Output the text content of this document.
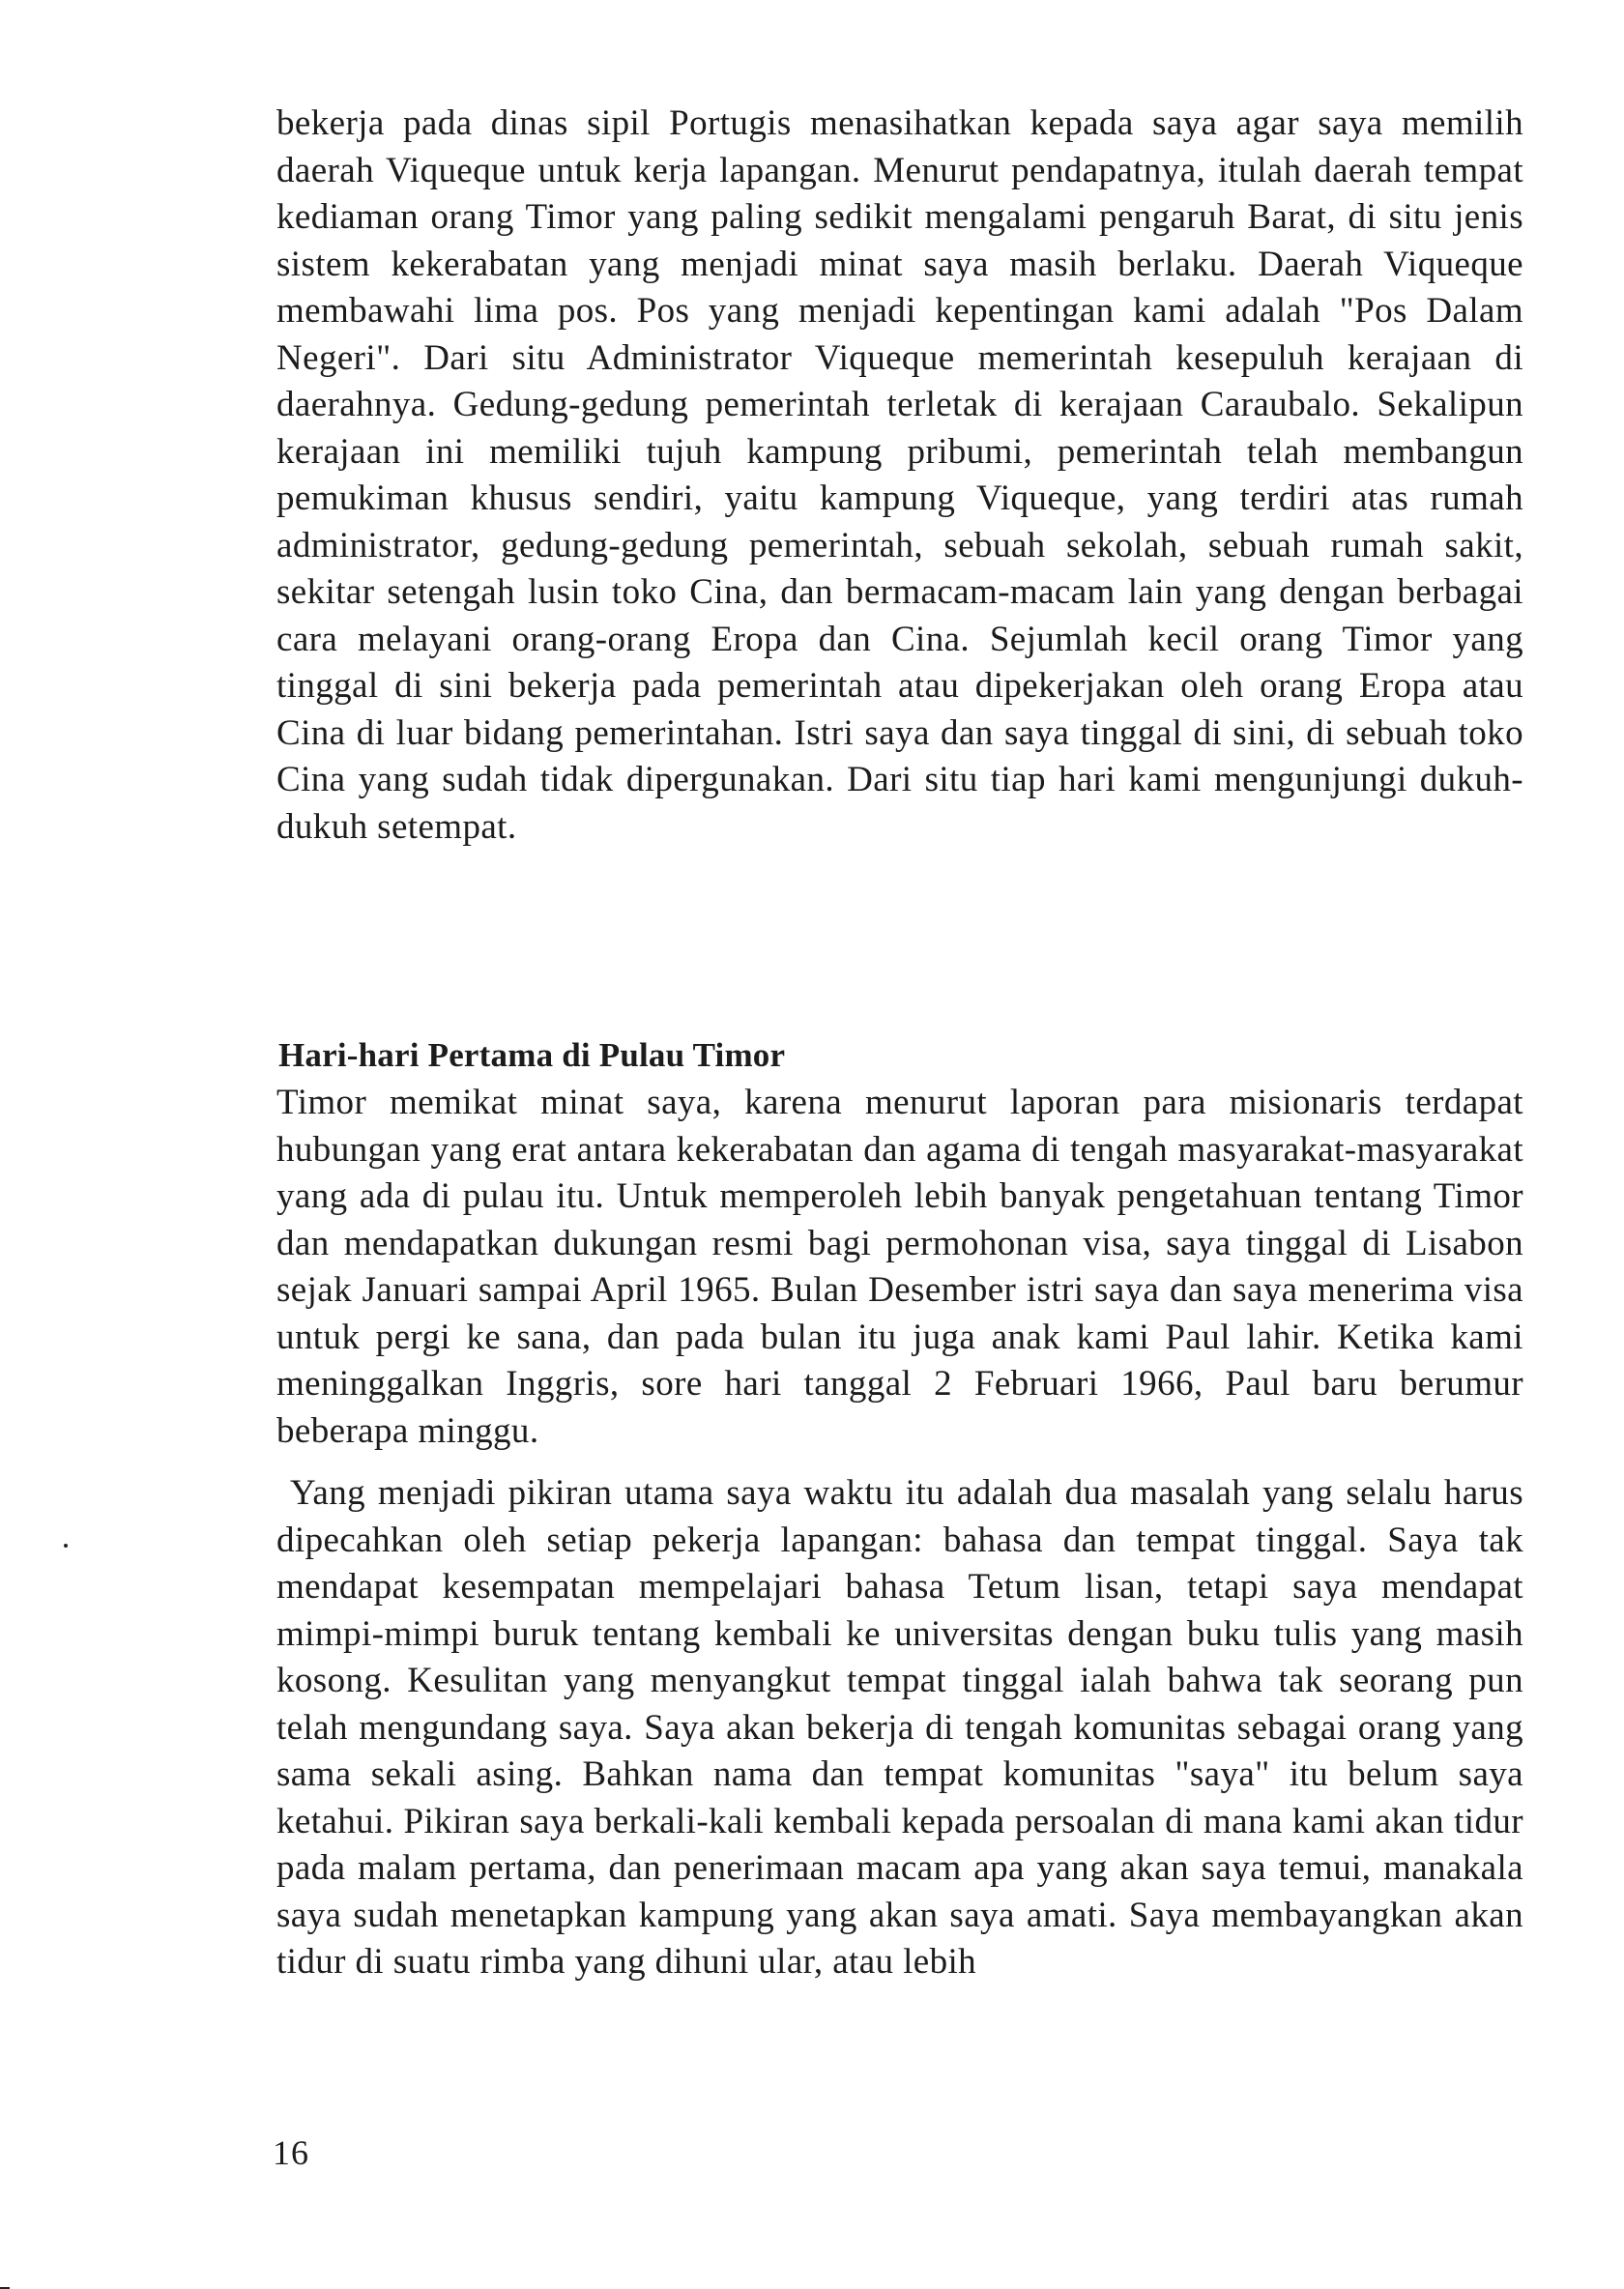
bekerja pada dinas sipil Portugis menasihatkan kepada saya agar saya memilih daerah Viqueque untuk kerja lapangan. Menurut pendapatnya, itulah daerah tempat kediaman orang Timor yang paling sedikit mengalami pengaruh Barat, di situ jenis sistem kekerabatan yang menjadi minat saya masih berlaku. Daerah Viqueque membawahi lima pos. Pos yang menjadi kepentingan kami adalah "Pos Dalam Negeri". Dari situ Administrator Viqueque memerintah kesepuluh kerajaan di daerahnya. Gedung-gedung pemerintah terletak di kerajaan Caraubalo. Sekalipun kerajaan ini memiliki tujuh kampung pribumi, pemerintah telah membangun pemukiman khusus sendiri, yaitu kampung Viqueque, yang terdiri atas rumah administrator, gedung-gedung pemerintah, sebuah sekolah, sebuah rumah sakit, sekitar setengah lusin toko Cina, dan bermacam-macam lain yang dengan berbagai cara melayani orang-orang Eropa dan Cina. Sejumlah kecil orang Timor yang tinggal di sini bekerja pada pemerintah atau dipekerjakan oleh orang Eropa atau Cina di luar bidang pemerintahan. Istri saya dan saya tinggal di sini, di sebuah toko Cina yang sudah tidak dipergunakan. Dari situ tiap hari kami mengunjungi dukuh-dukuh setempat.

Hari-hari Pertama di Pulau Timor

Timor memikat minat saya, karena menurut laporan para misionaris terdapat hubungan yang erat antara kekerabatan dan agama di tengah masyarakat-masyarakat yang ada di pulau itu. Untuk memperoleh lebih banyak pengetahuan tentang Timor dan mendapatkan dukungan resmi bagi permohonan visa, saya tinggal di Lisabon sejak Januari sampai April 1965. Bulan Desember istri saya dan saya menerima visa untuk pergi ke sana, dan pada bulan itu juga anak kami Paul lahir. Ketika kami meninggalkan Inggris, sore hari tanggal 2 Februari 1966, Paul baru berumur beberapa minggu.

Yang menjadi pikiran utama saya waktu itu adalah dua masalah yang selalu harus dipecahkan oleh setiap pekerja lapangan: bahasa dan tempat tinggal. Saya tak mendapat kesempatan mempelajari bahasa Tetum lisan, tetapi saya mendapat mimpi-mimpi buruk tentang kembali ke universitas dengan buku tulis yang masih kosong. Kesulitan yang menyangkut tempat tinggal ialah bahwa tak seorang pun telah mengundang saya. Saya akan bekerja di tengah komunitas sebagai orang yang sama sekali asing. Bahkan nama dan tempat komunitas "saya" itu belum saya ketahui. Pikiran saya berkali-kali kembali kepada persoalan di mana kami akan tidur pada malam pertama, dan penerimaan macam apa yang akan saya temui, manakala saya sudah menetapkan kampung yang akan saya amati. Saya membayangkan akan tidur di suatu rimba yang dihuni ular, atau lebih

16
